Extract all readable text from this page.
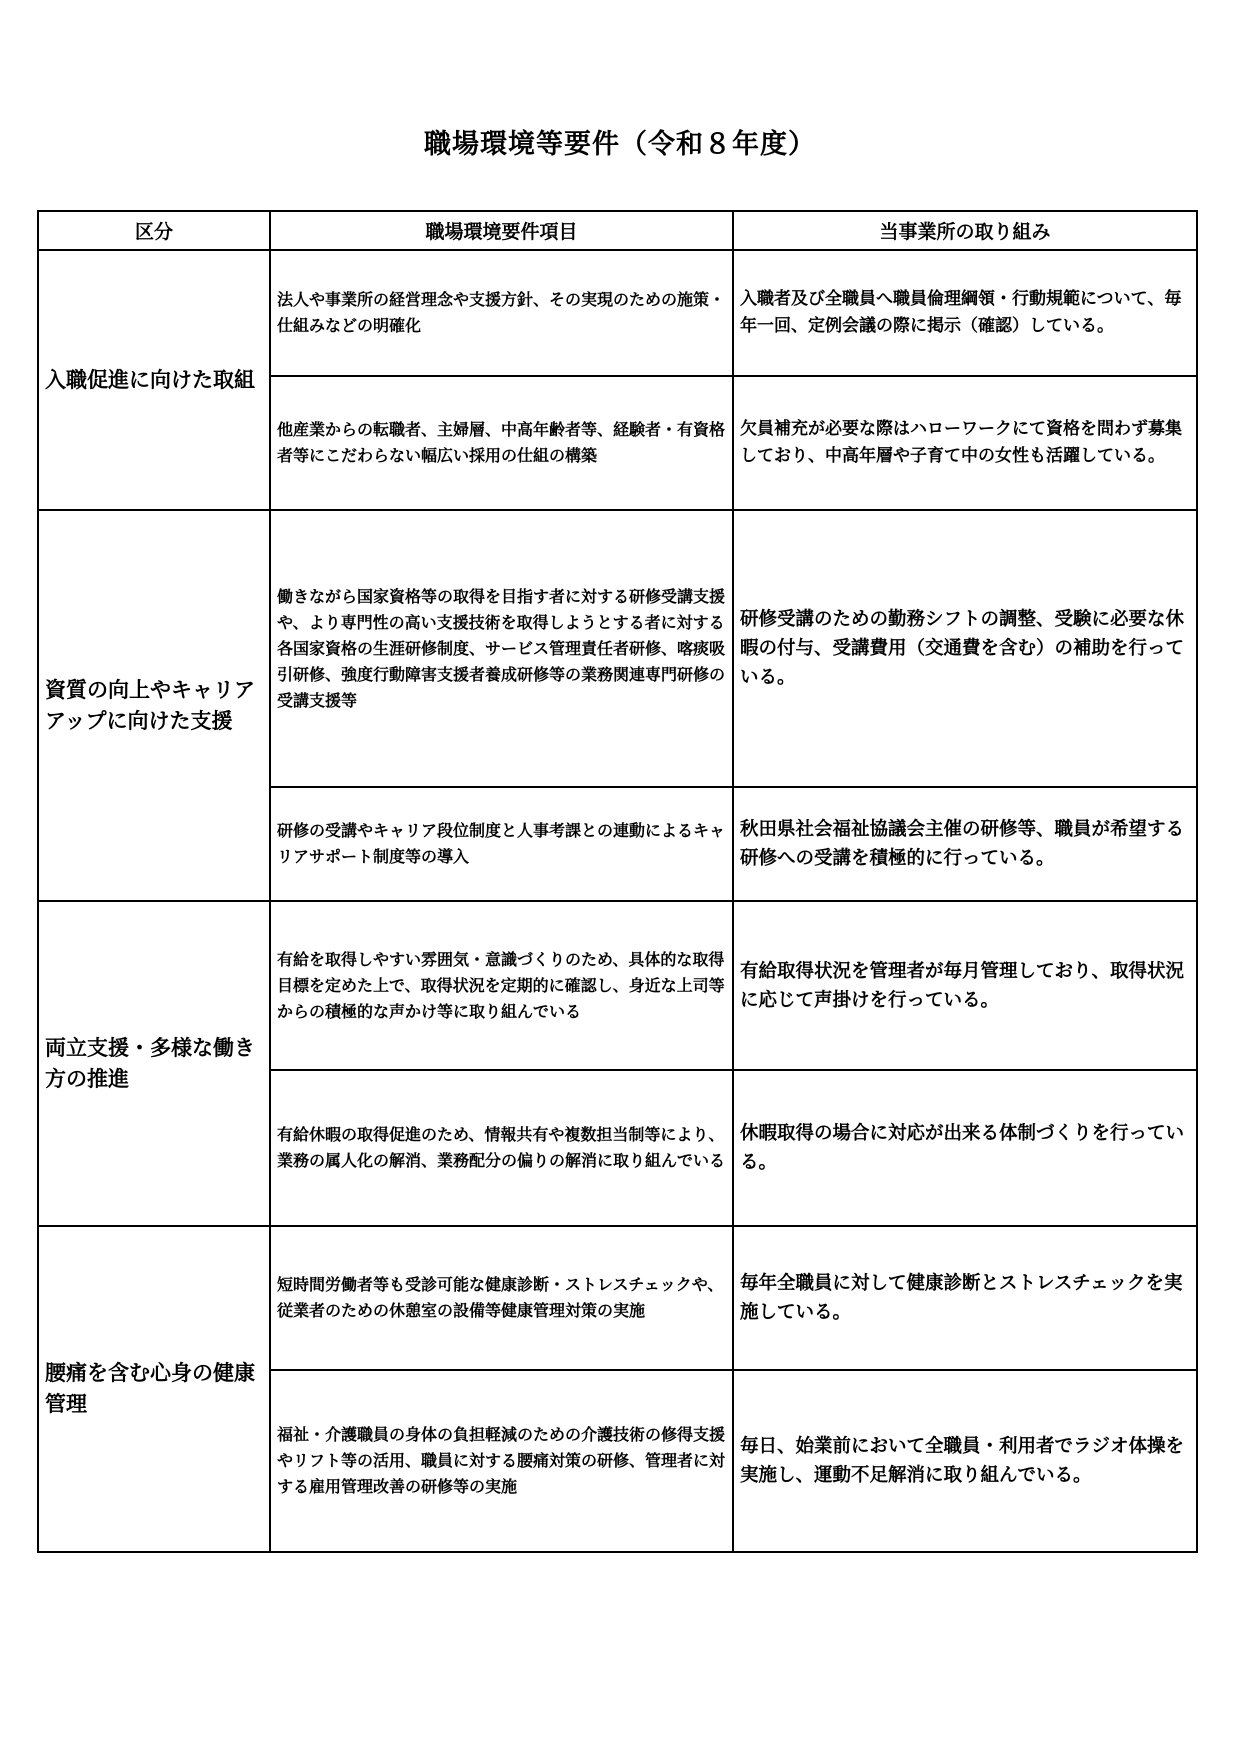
職場環境等要件（令和８年度）
区分	職場環境要件項目	当事業所の取り組み
入職促進に向けた取組	法人や事業所の経営理念や支援方針、その実現のための施策・仕組みなどの明確化	入職者及び全職員へ職員倫理綱領・行動規範について、毎年一回、定例会議の際に掲示（確認）している。
	他産業からの転職者、主婦層、中高年齢者等、経験者・有資格者等にこだわらない幅広い採用の仕組の構築	欠員補充が必要な際はハローワークにて資格を問わず募集しており、中高年層や子育て中の女性も活躍している。
資質の向上やキャリアアップに向けた支援	働きながら国家資格等の取得を目指す者に対する研修受講支援や、より専門性の高い支援技術を取得しようとする者に対する各国家資格の生涯研修制度、サービス管理責任者研修、喀痰吸引研修、強度行動障害支援者養成研修等の業務関連専門研修の受講支援等	研修受講のための勤務シフトの調整、受験に必要な休暇の付与、受講費用（交通費を含む）の補助を行っている。
	研修の受講やキャリア段位制度と人事考課との連動によるキャリアサポート制度等の導入	秋田県社会福祉協議会主催の研修等、職員が希望する研修への受講を積極的に行っている。
両立支援・多様な働き方の推進	有給を取得しやすい雰囲気・意識づくりのため、具体的な取得目標を定めた上で、取得状況を定期的に確認し、身近な上司等からの積極的な声かけ等に取り組んでいる	有給取得状況を管理者が毎月管理しており、取得状況に応じて声掛けを行っている。
	有給休暇の取得促進のため、情報共有や複数担当制等により、業務の属人化の解消、業務配分の偏りの解消に取り組んでいる	休暇取得の場合に対応が出来る体制づくりを行っている。
腰痛を含む心身の健康管理	短時間労働者等も受診可能な健康診断・ストレスチェックや、従業者のための休憩室の設備等健康管理対策の実施	毎年全職員に対して健康診断とストレスチェックを実施している。
	福祉・介護職員の身体の負担軽減のための介護技術の修得支援やリフト等の活用、職員に対する腰痛対策の研修、管理者に対する雇用管理改善の研修等の実施	毎日、始業前において全職員・利用者でラジオ体操を実施し、運動不足解消に取り組んでいる。
